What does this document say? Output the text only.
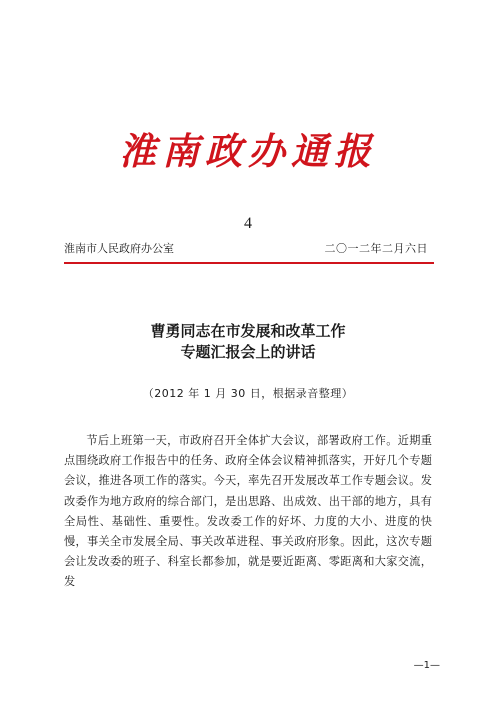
淮南政办通报
4
淮南市人民政府办公室	二〇一二年二月六日
曹勇同志在市发展和改革工作
专题汇报会上的讲话
（2012 年 1 月 30 日，根据录音整理）

节后上班第一天，市政府召开全体扩大会议，部署政府工作。近期重点围绕政府工作报告中的任务、政府全体会议精神抓落实，开好几个专题会议，推进各项工作的落实。今天，率先召开发展改革工作专题会议。发改委作为地方政府的综合部门，是出思路、出成效、出干部的地方，具有全局性、基础性、重要性。发改委工作的好坏、力度的大小、进度的快慢，事关全市发展全局、事关改革进程、事关政府形象。因此，这次专题会让发改委的班子、科室长都参加，就是要近距离、零距离和大家交流，发

—1—
